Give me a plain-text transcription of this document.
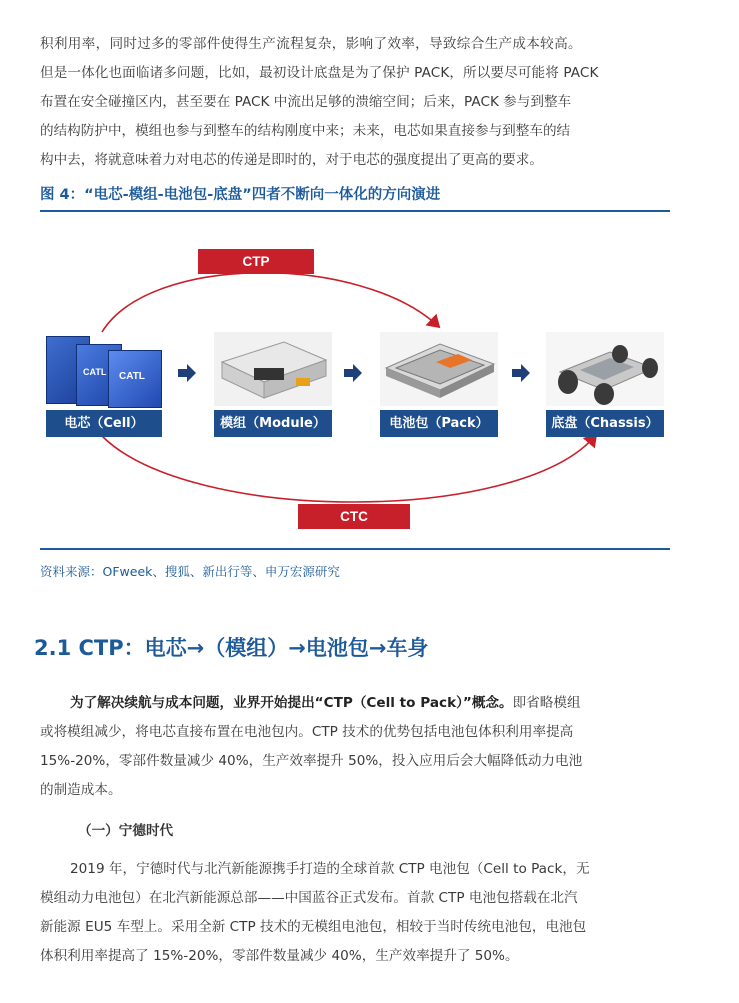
积利用率，同时过多的零部件使得生产流程复杂，影响了效率，导致综合生产成本较高。
但是一体化也面临诸多问题，比如，最初设计底盘是为了保护 PACK，所以要尽可能将 PACK
布置在安全碰撞区内，甚至要在 PACK 中流出足够的溃缩空间；后来，PACK 参与到整车
的结构防护中，模组也参与到整车的结构刚度中来；未来，电芯如果直接参与到整车的结
构中去，将就意味着力对电芯的传递是即时的，对于电芯的强度提出了更高的要求。
图 4：“电芯-模组-电池包-底盘”四者不断向一体化的方向演进
CTP
CTC
CATL CATL
电芯（Cell）	模组（Module）	电池包（Pack）	底盘（Chassis）
资料来源：OFweek、搜狐、新出行等、申万宏源研究
2.1 CTP：电芯→（模组）→电池包→车身
为了解决续航与成本问题，业界开始提出“CTP（Cell to Pack）”概念。即省略模组
或将模组减少，将电芯直接布置在电池包内。CTP 技术的优势包括电池包体积利用率提高
15%-20%，零部件数量减少 40%，生产效率提升 50%，投入应用后会大幅降低动力电池
的制造成本。
（一）宁德时代
2019 年，宁德时代与北汽新能源携手打造的全球首款 CTP 电池包（Cell to Pack，无
模组动力电池包）在北汽新能源总部——中国蓝谷正式发布。首款 CTP 电池包搭载在北汽
新能源 EU5 车型上。采用全新 CTP 技术的无模组电池包，相较于当时传统电池包，电池包
体积利用率提高了 15%-20%，零部件数量减少 40%，生产效率提升了 50%。
